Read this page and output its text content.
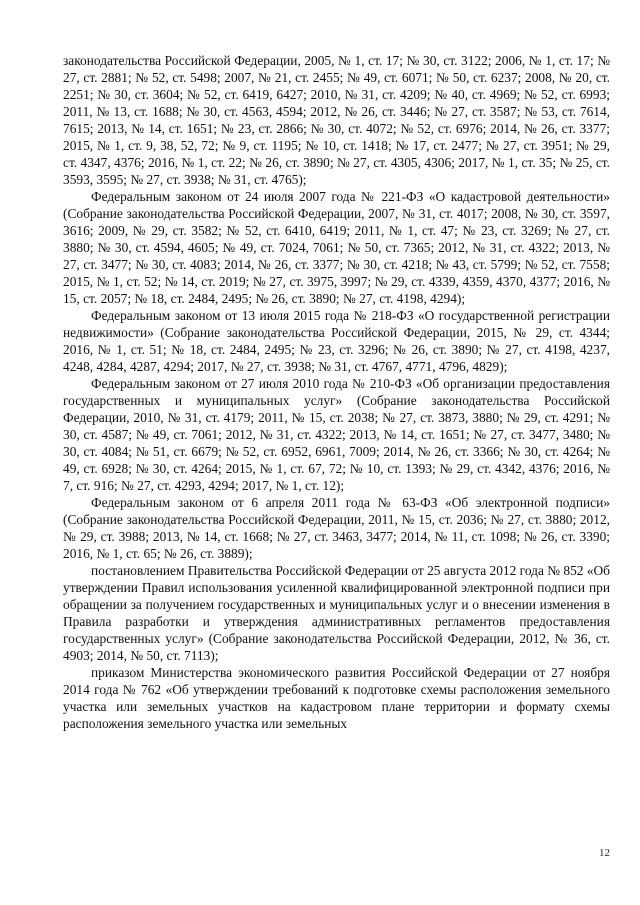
законодательства Российской Федерации, 2005, № 1, ст. 17; № 30, ст. 3122; 2006, № 1, ст. 17; № 27, ст. 2881; № 52, ст. 5498; 2007, № 21, ст. 2455; № 49, ст. 6071; № 50, ст. 6237; 2008, № 20, ст. 2251; № 30, ст. 3604; № 52, ст. 6419, 6427; 2010, № 31, ст. 4209; № 40, ст. 4969; № 52, ст. 6993; 2011, № 13, ст. 1688; № 30, ст. 4563, 4594; 2012, № 26, ст. 3446; № 27, ст. 3587; № 53, ст. 7614, 7615; 2013, № 14, ст. 1651; № 23, ст. 2866; № 30, ст. 4072; № 52, ст. 6976; 2014, № 26, ст. 3377; 2015, № 1, ст. 9, 38, 52, 72; № 9, ст. 1195; № 10, ст. 1418; № 17, ст. 2477; № 27, ст. 3951; № 29, ст. 4347, 4376; 2016, № 1, ст. 22; № 26, ст. 3890; № 27, ст. 4305, 4306; 2017, № 1, ст. 35; № 25, ст. 3593, 3595; № 27, ст. 3938; № 31, ст. 4765);

Федеральным законом от 24 июля 2007 года № 221-ФЗ «О кадастровой деятельности» (Собрание законодательства Российской Федерации, 2007, № 31, ст. 4017; 2008, № 30, ст. 3597, 3616; 2009, № 29, ст. 3582; № 52, ст. 6410, 6419; 2011, № 1, ст. 47; № 23, ст. 3269; № 27, ст. 3880; № 30, ст. 4594, 4605; № 49, ст. 7024, 7061; № 50, ст. 7365; 2012, № 31, ст. 4322; 2013, № 27, ст. 3477; № 30, ст. 4083; 2014, № 26, ст. 3377; № 30, ст. 4218; № 43, ст. 5799; № 52, ст. 7558; 2015, № 1, ст. 52; № 14, ст. 2019; № 27, ст. 3975, 3997; № 29, ст. 4339, 4359, 4370, 4377; 2016, № 15, ст. 2057; № 18, ст. 2484, 2495; № 26, ст. 3890; № 27, ст. 4198, 4294);

Федеральным законом от 13 июля 2015 года № 218-ФЗ «О государственной регистрации недвижимости» (Собрание законодательства Российской Федерации, 2015, № 29, ст. 4344; 2016, № 1, ст. 51; № 18, ст. 2484, 2495; № 23, ст. 3296; № 26, ст. 3890; № 27, ст. 4198, 4237, 4248, 4284, 4287, 4294; 2017, № 27, ст. 3938; № 31, ст. 4767, 4771, 4796, 4829);

Федеральным законом от 27 июля 2010 года № 210-ФЗ «Об организации предоставления государственных и муниципальных услуг» (Собрание законодательства Российской Федерации, 2010, № 31, ст. 4179; 2011, № 15, ст. 2038; № 27, ст. 3873, 3880; № 29, ст. 4291; № 30, ст. 4587; № 49, ст. 7061; 2012, № 31, ст. 4322; 2013, № 14, ст. 1651; № 27, ст. 3477, 3480; № 30, ст. 4084; № 51, ст. 6679; № 52, ст. 6952, 6961, 7009; 2014, № 26, ст. 3366; № 30, ст. 4264; № 49, ст. 6928; № 30, ст. 4264; 2015, № 1, ст. 67, 72; № 10, ст. 1393; № 29, ст. 4342, 4376; 2016, № 7, ст. 916; № 27, ст. 4293, 4294; 2017, № 1, ст. 12);

Федеральным законом от 6 апреля 2011 года № 63-ФЗ «Об электронной подписи» (Собрание законодательства Российской Федерации, 2011, № 15, ст. 2036; № 27, ст. 3880; 2012, № 29, ст. 3988; 2013, № 14, ст. 1668; № 27, ст. 3463, 3477; 2014, № 11, ст. 1098; № 26, ст. 3390; 2016, № 1, ст. 65; № 26, ст. 3889);

постановлением Правительства Российской Федерации от 25 августа 2012 года № 852 «Об утверждении Правил использования усиленной квалифицированной электронной подписи при обращении за получением государственных и муниципальных услуг и о внесении изменения в Правила разработки и утверждения административных регламентов предоставления государственных услуг» (Собрание законодательства Российской Федерации, 2012, № 36, ст. 4903; 2014, № 50, ст. 7113);

приказом Министерства экономического развития Российской Федерации от 27 ноября 2014 года № 762 «Об утверждении требований к подготовке схемы расположения земельного участка или земельных участков на кадастровом плане территории и формату схемы расположения земельного участка или земельных

12
